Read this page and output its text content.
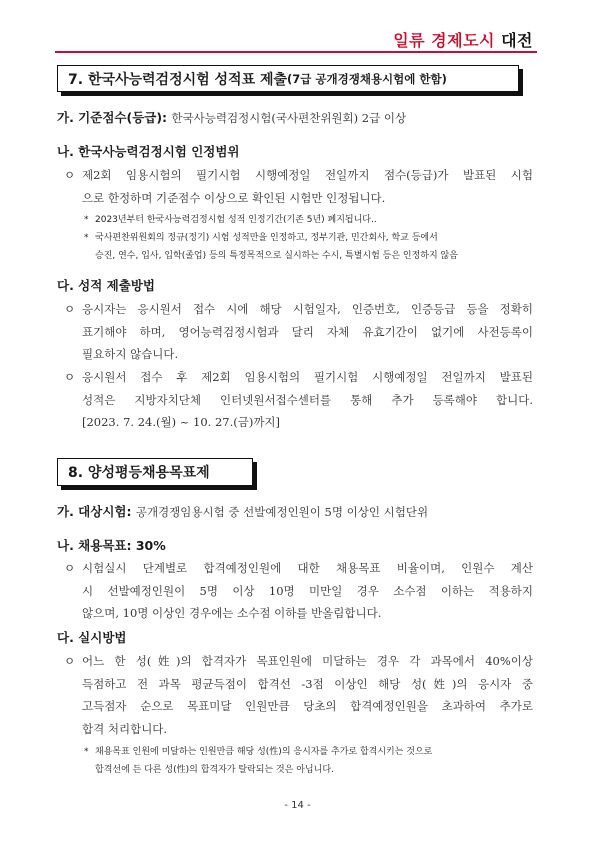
일류 경제도시 대전
7. 한국사능력검정시험 성적표 제출 (7급 공개경쟁채용시험에 한함)
가. 기준점수(등급): 한국사능력검정시험(국사편찬위원회) 2급 이상
나. 한국사능력검정시험 인정범위
ㅇ 제2회 임용시험의 필기시험 시행예정일 전일까지 점수(등급)가 발표된 시험
으로 한정하며 기준점수 이상으로 확인된 시험만 인정됩니다.
* 2023년부터 한국사능력검정시험 성적 인정기간(기존 5년) 폐지됩니다..
* 국사편찬위원회의 정규(정기) 시험 성적만을 인정하고, 정부기관, 민간회사, 학교 등에서
승진, 연수, 입사, 입학(졸업) 등의 특정목적으로 실시하는 수시, 특별시험 등은 인정하지 않음
다. 성적 제출방법
ㅇ 응시자는 응시원서 접수 시에 해당 시험일자, 인증번호, 인증등급 등을 정확히
표기해야 하며, 영어능력검정시험과 달리 자체 유효기간이 없기에 사전등록이
필요하지 않습니다.
ㅇ 응시원서 접수 후 제2회 임용시험의 필기시험 시행예정일 전일까지 발표된
성적은 지방자치단체 인터넷원서접수센터를 통해 추가 등록해야 합니다.
[2023. 7. 24.(월) ~ 10. 27.(금)까지]
8. 양성평등채용목표제
가. 대상시험: 공개경쟁임용시험 중 선발예정인원이 5명 이상인 시험단위
나. 채용목표: 30%
ㅇ 시험실시 단계별로 합격예정인원에 대한 채용목표 비율이며, 인원수 계산
시 선발예정인원이 5명 이상 10명 미만일 경우 소수점 이하는 적용하지
않으며, 10명 이상인 경우에는 소수점 이하를 반올림합니다.
다. 실시방법
ㅇ 어느 한 성(姓)의 합격자가 목표인원에 미달하는 경우 각 과목에서 40%이상
득점하고 전 과목 평균득점이 합격선 -3점 이상인 해당 성(姓)의 응시자 중
고득점자 순으로 목표미달 인원만큼 당초의 합격예정인원을 초과하여 추가로
합격 처리합니다.
* 채용목표 인원에 미달하는 인원만큼 해당 성(性)의 응시자를 추가로 합격시키는 것으로
합격선에 든 다른 성(性)의 합격자가 탈락되는 것은 아닙니다.
- 14 -
